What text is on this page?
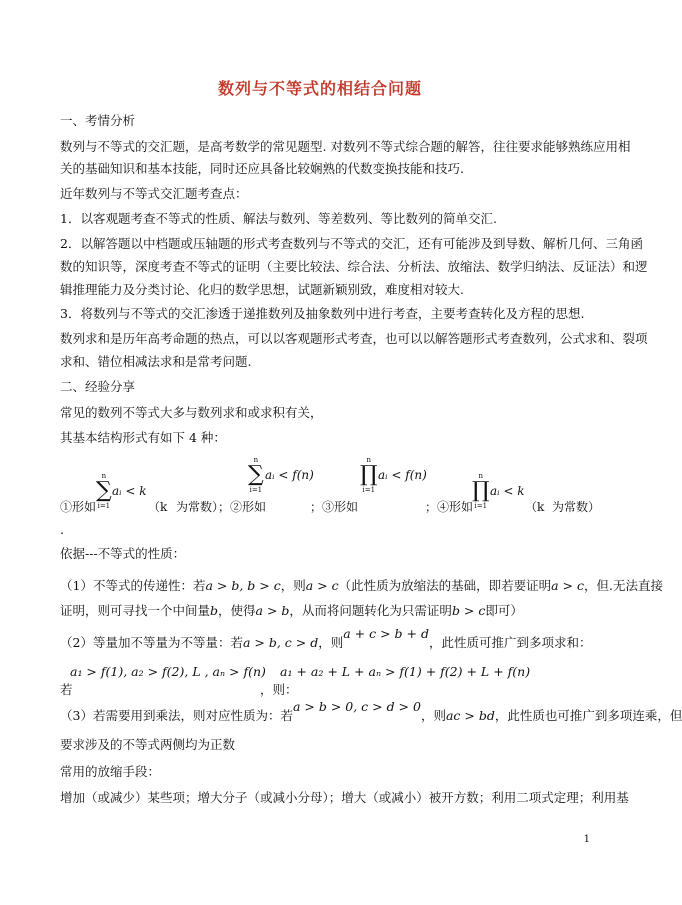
数列与不等式的相结合问题
一、考情分析
数列与不等式的交汇题，是高考数学的常见题型. 对数列不等式综合题的解答，往往要求能够熟练应用相
关的基础知识和基本技能，同时还应具备比较娴熟的代数变换技能和技巧.
近年数列与不等式交汇题考查点：
1．以客观题考查不等式的性质、解法与数列、等差数列、等比数列的简单交汇.
2．以解答题以中档题或压轴题的形式考查数列与不等式的交汇，还有可能涉及到导数、解析几何、三角函
数的知识等，深度考查不等式的证明（主要比较法、综合法、分析法、放缩法、数学归纳法、反证法）和逻
辑推理能力及分类讨论、化归的数学思想，试题新颖别致，难度相对较大.
3．将数列与不等式的交汇渗透于递推数列及抽象数列中进行考查，主要考查转化及方程的思想.
数列求和是历年高考命题的热点，可以以客观题形式考查，也可以以解答题形式考查数列，公式求和、裂项
求和、错位相减法求和是常考问题.
二、经验分享
常见的数列不等式大多与数列求和或求积有关，
其基本结构形式有如下 4 种：
①形如
n
∑
i=1
aᵢ < k
（k 为常数）；②形如
n
∑
i=1
aᵢ < f(n)
；③形如
n
∏
i=1
aᵢ < f(n)
；④形如
n
∏
i=1
aᵢ < k
（k 为常数）
.
依据---不等式的性质：
（1）不等式的传递性：若a > b, b > c，则a > c（此性质为放缩法的基础，即若要证明a > c，但.无法直接
证明，则可寻找一个中间量b，使得a > b，从而将问题转化为只需证明b > c即可）
（2）等量加不等量为不等量：若a > b, c > d，则a + c > b + d，此性质可推广到多项求和：
若
a₁ > f(1), a₂ > f(2), L , aₙ > f(n)
，则：
a₁ + a₂ + L + aₙ > f(1) + f(2) + L + f(n)
（3）若需要用到乘法，则对应性质为：若a > b > 0, c > d > 0，则ac > bd，此性质也可推广到多项连乘，但
要求涉及的不等式两侧均为正数
常用的放缩手段：
增加（或减少）某些项；增大分子（或减小分母）；增大（或减小）被开方数；利用二项式定理；利用基
1
